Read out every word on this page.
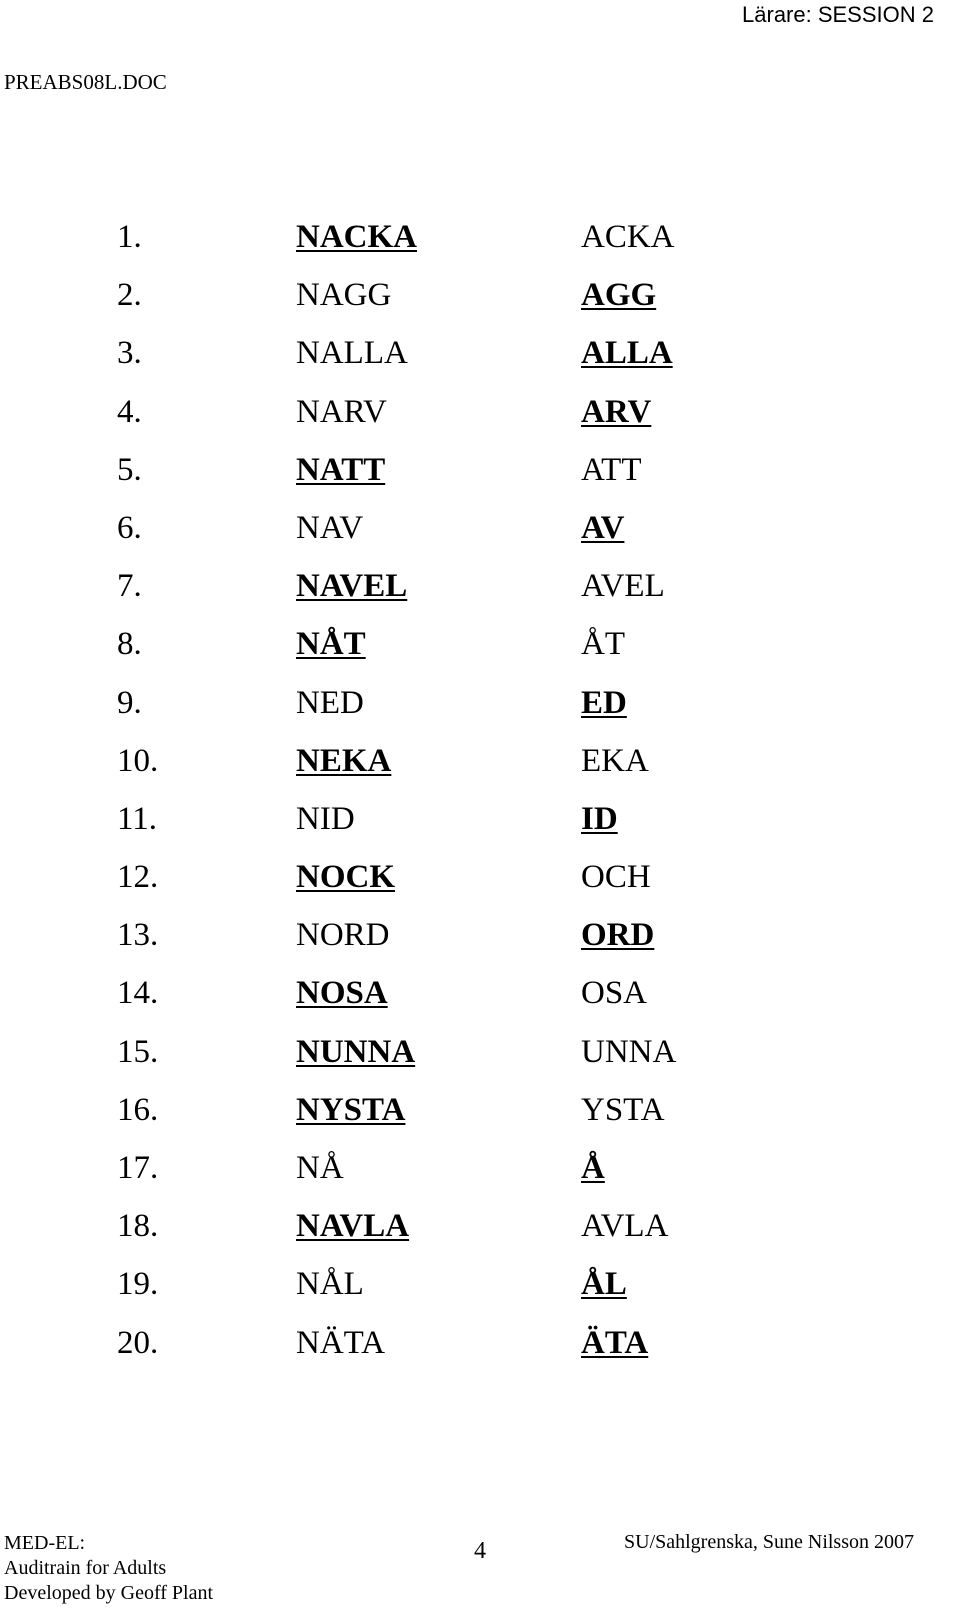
Lärare: SESSION 2
PREABS08L.DOC
1.	NACKA	ACKA
2.	NAGG	AGG
3.	NALLA	ALLA
4.	NARV	ARV
5.	NATT	ATT
6.	NAV	AV
7.	NAVEL	AVEL
8.	NÅT	ÅT
9.	NED	ED
10.	NEKA	EKA
11.	NID	ID
12.	NOCK	OCH
13.	NORD	ORD
14.	NOSA	OSA
15.	NUNNA	UNNA
16.	NYSTA	YSTA
17.	NÅ	Å
18.	NAVLA	AVLA
19.	NÅL	ÅL
20.	NÄTA	ÄTA
MED-EL:
Auditrain for Adults
Developed by Geoff Plant
4	SU/Sahlgrenska, Sune Nilsson 2007
